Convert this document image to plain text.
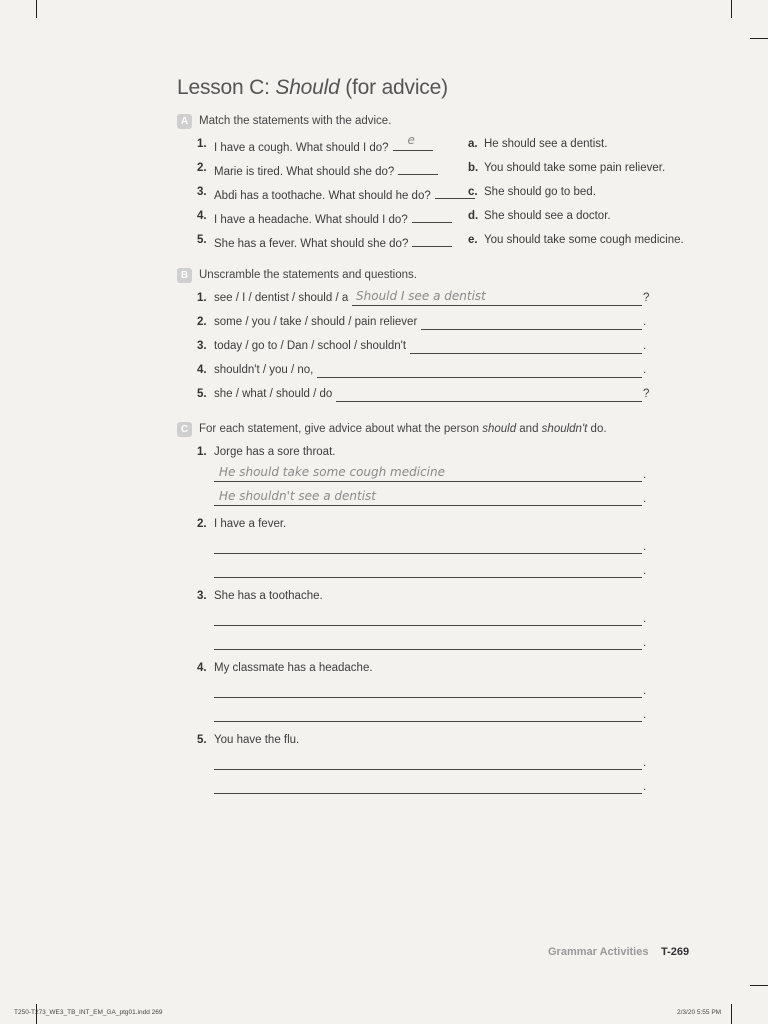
Lesson C: Should (for advice)
A Match the statements with the advice.
1. I have a cough. What should I do?
e
2. Marie is tired. What should she do?
3. Abdi has a toothache. What should he do?
4. I have a headache. What should I do?
5. She has a fever. What should she do?
a. He should see a dentist.
b. You should take some pain reliever.
c. She should go to bed.
d. She should see a doctor.
e. You should take some cough medicine.
B Unscramble the statements and questions.
1. see / I / dentist / should / a	?
2. some / you / take / should / pain reliever	.
3. today / go to / Dan / school / shouldn't	.
4. shouldn't / you / no,	.
5. she / what / should / do	?
Should I see a dentist
C For each statement, give advice about what the person should and shouldn't do.
1. Jorge has a sore throat.
.
He should take some cough medicine
.
He shouldn't see a dentist
2. I have a fever.
.
.
3. She has a toothache.
.
.
4. My classmate has a headache.
.
.
5. You have the flu.
.
.
Grammar Activities T-269
T250-T273_WE3_TB_INT_EM_GA_ptg01.indd 269	2/3/20 5:55 PM
